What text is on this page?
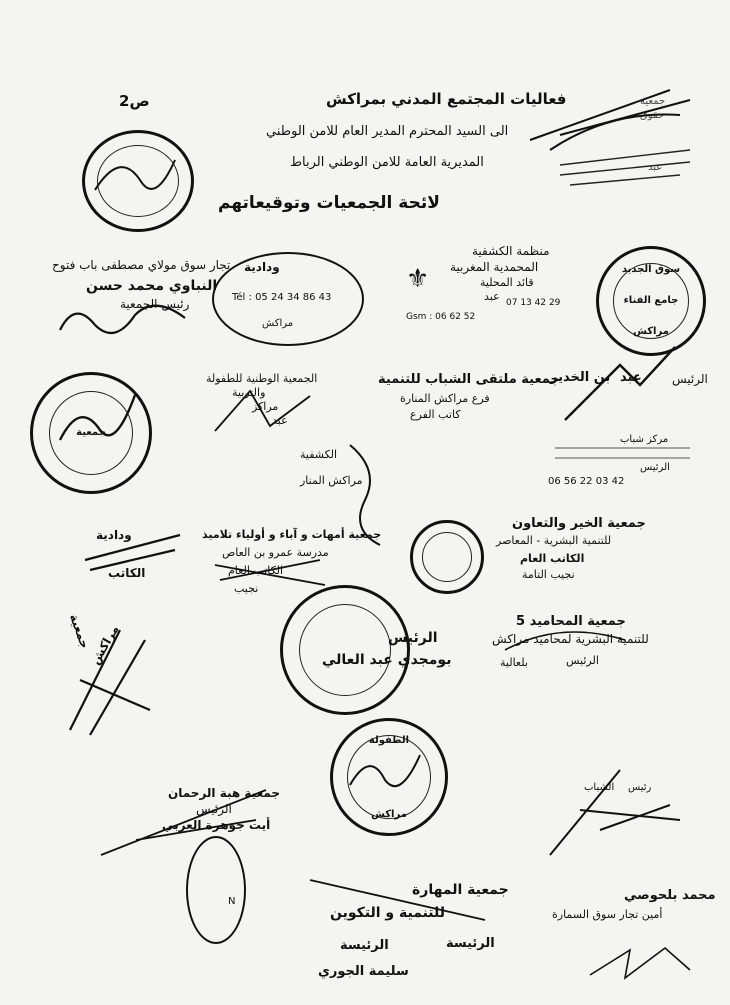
ص2	فعاليات المجتمع المدني بمراكش
الى السيد المحترم المدير العام للامن الوطني
المديرية العامة للامن الوطني الرباط
لائحة الجمعيات وتوقيعاتهم
جمعية
حقوق
عبد
تجار سوق مولاي مصطفى باب فتوح
النباوي محمد حسن
رئيس الجمعية
ودادية
Tél : 05 24 34 86 43
مراكش
منظمة الكشفية
المحمدية المغربية
قائد المحلية
عبد
Gsm : 06 62 52
07 13 42 29
⚜	سوق الجديد
جامع الفناء
مراكش
جمعية
الجمعية الوطنية للطفولة
والتربية
مراكز
عبد
جمعية ملتقى الشباب للتنمية
فرع مراكش المنارة
كاتب الفرع
الرئيس
عبد
بن الخدير
مركز شباب
الرئيس
06 56 22 03 42
الكشفية
مراكش المنار
ودادية
الكاتب
جمعية أمهات و آباء و أولياء تلاميذ
مدرسة عمرو بن العاص
الكاتب العام
نجيب
جمعية الخير والتعاون
للتنمية البشرية - المعاصر
الكاتب العام
نجيب التامة
جمعية
مراكش	الرئيس
بومجدي عبد العالي
جمعية المحاميد 5
للتنمية البشرية لمحاميد مراكش
الرئيس
بلعالية
الطفولة
مراكش
جمعية هبة الرحمان
الرئيس
أيت جوهرة العربي
رئيس
الشباب
N
جمعية المهارة
للتنمية و التكوين
الرئيسة
الرئيسة
سليمة الجوري
محمد بلحوصي
أمين تجار سوق السمارة
